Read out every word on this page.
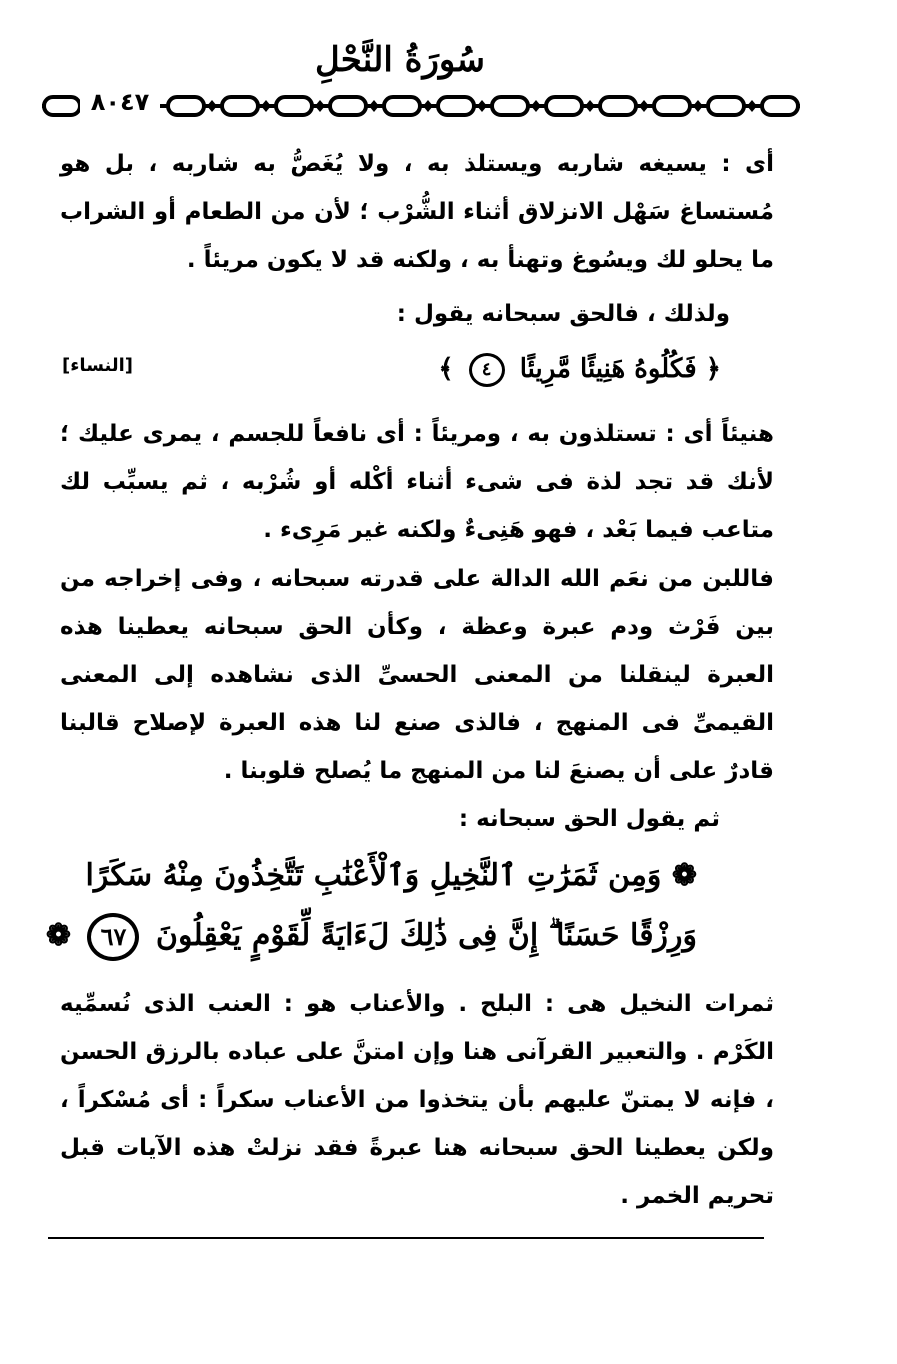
سُورَةُ النَّحْلِ
٨٠٤٧

أى : يسيغه شاربه ويستلذ به ، ولا يُغَصُّ به شاربه ، بل هو مُستساغ سَهْل الانزلاق أثناء الشُّرْب ؛ لأن من الطعام أو الشراب ما يحلو لك ويسُوغ وتهنأ به ، ولكنه قد لا يكون مريئاً .

ولذلك ، فالحق سبحانه يقول :

﴿ فَكُلُوهُ هَنِيئًا مَّرِيئًا ٤ ﴾
[النساء]

هنيئاً أى : تستلذون به ، ومريئاً : أى نافعاً للجسم ، يمرى عليك ؛ لأنك قد تجد لذة فى شىء أثناء أكْله أو شُرْبه ، ثم يسبِّب لك متاعب فيما بَعْد ، فهو هَنِىءٌ ولكنه غير مَرِىء .

فاللبن من نعَم الله الدالة على قدرته سبحانه ، وفى إخراجه من بين فَرْث ودم عبرة وعظة ، وكأن الحق سبحانه يعطينا هذه العبرة لينقلنا من المعنى الحسىِّ الذى نشاهده إلى المعنى القيمىِّ فى المنهج ، فالذى صنع لنا هذه العبرة لإصلاح قالبنا قادرٌ على أن يصنعَ لنا من المنهج ما يُصلح قلوبنا .

ثم يقول الحق سبحانه :

❁ وَمِن ثَمَرَٰتِ ٱلنَّخِيلِ وَٱلْأَعْنَٰبِ تَتَّخِذُونَ مِنْهُ سَكَرًا
وَرِزْقًا حَسَنًا ۗ إِنَّ فِى ذَٰلِكَ لَءَايَةً لِّقَوْمٍ يَعْقِلُونَ ٦٧ ❁

ثمرات النخيل هى : البلح . والأعناب هو : العنب الذى نُسمِّيه الكَرْم . والتعبير القرآنى هنا وإن امتنَّ على عباده بالرزق الحسن ، فإنه لا يمتنّ عليهم بأن يتخذوا من الأعناب سكراً : أى مُسْكراً ، ولكن يعطينا الحق سبحانه هنا عبرةً فقد نزلتْ هذه الآيات قبل تحريم الخمر .
